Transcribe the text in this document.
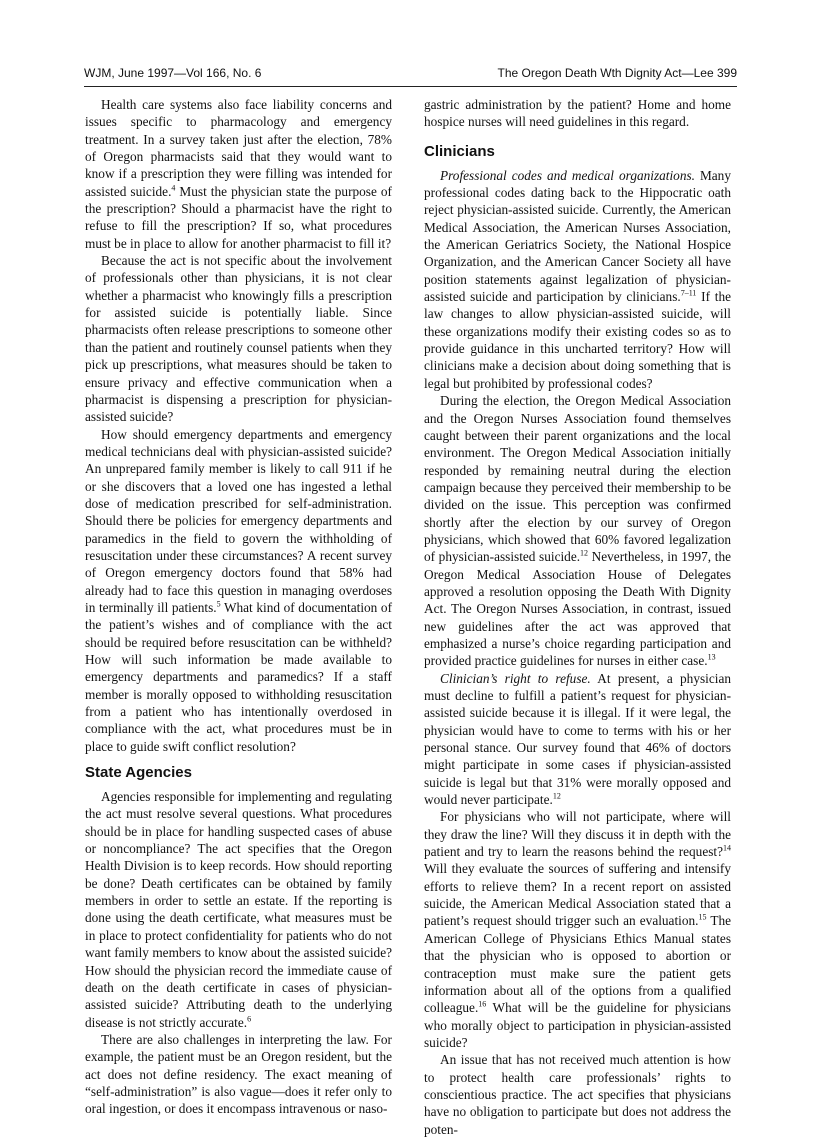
WJM, June 1997—Vol 166, No. 6	The Oregon Death Wth Dignity Act—Lee 399

Health care systems also face liability concerns and issues specific to pharmacology and emergency treatment. In a survey taken just after the election, 78% of Oregon pharmacists said that they would want to know if a prescription they were filling was intended for assisted suicide.$^4$ Must the physician state the purpose of the prescription? Should a pharmacist have the right to refuse to fill the prescription? If so, what procedures must be in place to allow for another pharmacist to fill it?

Because the act is not specific about the involvement of professionals other than physicians, it is not clear whether a pharmacist who knowingly fills a prescription for assisted suicide is potentially liable. Since pharmacists often release prescriptions to someone other than the patient and routinely counsel patients when they pick up prescriptions, what measures should be taken to ensure privacy and effective communication when a pharmacist is dispensing a prescription for physician-assisted suicide?

How should emergency departments and emergency medical technicians deal with physician-assisted suicide? An unprepared family member is likely to call 911 if he or she discovers that a loved one has ingested a lethal dose of medication prescribed for self-administration. Should there be policies for emergency departments and paramedics in the field to govern the withholding of resuscitation under these circumstances? A recent survey of Oregon emergency doctors found that 58% had already had to face this question in managing overdoses in terminally ill patients.$^5$ What kind of documentation of the patient’s wishes and of compliance with the act should be required before resuscitation can be withheld? How will such information be made available to emergency departments and paramedics? If a staff member is morally opposed to withholding resuscitation from a patient who has intentionally overdosed in compliance with the act, what procedures must be in place to guide swift conflict resolution?

State Agencies

Agencies responsible for implementing and regulating the act must resolve several questions. What procedures should be in place for handling suspected cases of abuse or noncompliance? The act specifies that the Oregon Health Division is to keep records. How should reporting be done? Death certificates can be obtained by family members in order to settle an estate. If the reporting is done using the death certificate, what measures must be in place to protect confidentiality for patients who do not want family members to know about the assisted suicide? How should the physician record the immediate cause of death on the death certificate in cases of physician-assisted suicide? Attributing death to the underlying disease is not strictly accurate.$^6$

There are also challenges in interpreting the law. For example, the patient must be an Oregon resident, but the act does not define residency. The exact meaning of “self-administration” is also vague—does it refer only to oral ingestion, or does it encompass intravenous or naso-

gastric administration by the patient? Home and home hospice nurses will need guidelines in this regard.

Clinicians

Professional codes and medical organizations. Many professional codes dating back to the Hippocratic oath reject physician-assisted suicide. Currently, the American Medical Association, the American Nurses Association, the American Geriatrics Society, the National Hospice Organization, and the American Cancer Society all have position statements against legalization of physician-assisted suicide and participation by clinicians.$^{7-11}$ If the law changes to allow physician-assisted suicide, will these organizations modify their existing codes so as to provide guidance in this uncharted territory? How will clinicians make a decision about doing something that is legal but prohibited by professional codes?

During the election, the Oregon Medical Association and the Oregon Nurses Association found themselves caught between their parent organizations and the local environment. The Oregon Medical Association initially responded by remaining neutral during the election campaign because they perceived their membership to be divided on the issue. This perception was confirmed shortly after the election by our survey of Oregon physicians, which showed that 60% favored legalization of physician-assisted suicide.$^{12}$ Nevertheless, in 1997, the Oregon Medical Association House of Delegates approved a resolution opposing the Death With Dignity Act. The Oregon Nurses Association, in contrast, issued new guidelines after the act was approved that emphasized a nurse’s choice regarding participation and provided practice guidelines for nurses in either case.$^{13}$

Clinician’s right to refuse. At present, a physician must decline to fulfill a patient’s request for physician-assisted suicide because it is illegal. If it were legal, the physician would have to come to terms with his or her personal stance. Our survey found that 46% of doctors might participate in some cases if physician-assisted suicide is legal but that 31% were morally opposed and would never participate.$^{12}$

For physicians who will not participate, where will they draw the line? Will they discuss it in depth with the patient and try to learn the reasons behind the request?$^{14}$ Will they evaluate the sources of suffering and intensify efforts to relieve them? In a recent report on assisted suicide, the American Medical Association stated that a patient’s request should trigger such an evaluation.$^{15}$ The American College of Physicians Ethics Manual states that the physician who is opposed to abortion or contraception must make sure the patient gets information about all of the options from a qualified colleague.$^{16}$ What will be the guideline for physicians who morally object to participation in physician-assisted suicide?

An issue that has not received much attention is how to protect health care professionals’ rights to conscientious practice. The act specifies that physicians have no obligation to participate but does not address the poten-
